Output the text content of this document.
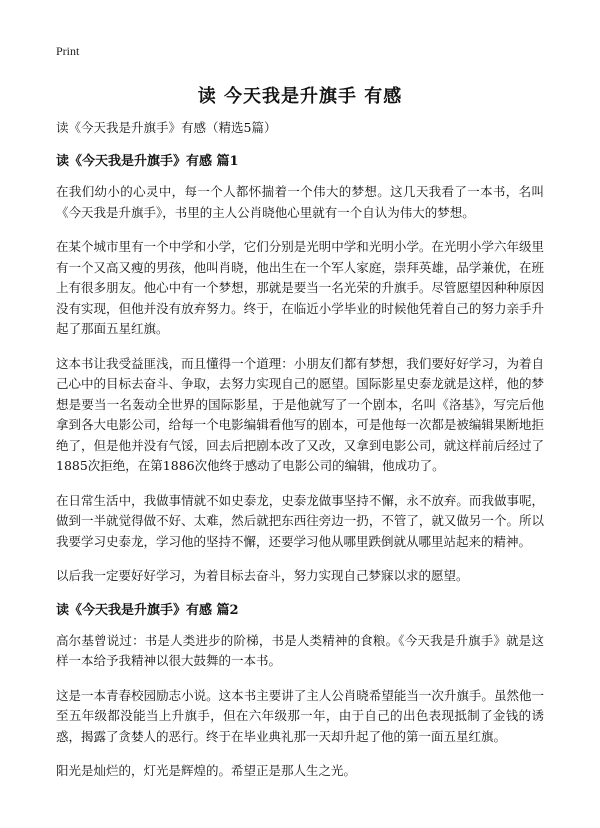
Print
读 今天我是升旗手 有感

读《今天我是升旗手》有感（精选5篇）

读《今天我是升旗手》有感 篇1

在我们幼小的心灵中，每一个人都怀揣着一个伟大的梦想。这几天我看了一本书，名叫《今天我是升旗手》，书里的主人公肖晓他心里就有一个自认为伟大的梦想。

在某个城市里有一个中学和小学，它们分别是光明中学和光明小学。在光明小学六年级里有一个又高又瘦的男孩，他叫肖晓，他出生在一个军人家庭，崇拜英雄，品学兼优，在班上有很多朋友。他心中有一个梦想，那就是要当一名光荣的升旗手。尽管愿望因种种原因没有实现，但他并没有放弃努力。终于，在临近小学毕业的时候他凭着自己的努力亲手升起了那面五星红旗。

这本书让我受益匪浅，而且懂得一个道理：小朋友们都有梦想，我们要好好学习，为着自己心中的目标去奋斗、争取，去努力实现自己的愿望。国际影星史泰龙就是这样，他的梦想是要当一名轰动全世界的国际影星，于是他就写了一个剧本，名叫《洛基》，写完后他拿到各大电影公司，给每一个电影编辑看他写的剧本，可是他每一次都是被编辑果断地拒绝了，但是他并没有气馁，回去后把剧本改了又改，又拿到电影公司，就这样前后经过了1885次拒绝，在第1886次他终于感动了电影公司的编辑，他成功了。

在日常生活中，我做事情就不如史泰龙，史泰龙做事坚持不懈，永不放弃。而我做事呢，做到一半就觉得做不好、太难，然后就把东西往旁边一扔，不管了，就又做另一个。所以我要学习史泰龙，学习他的坚持不懈，还要学习他从哪里跌倒就从哪里站起来的精神。

以后我一定要好好学习，为着目标去奋斗，努力实现自己梦寐以求的愿望。

读《今天我是升旗手》有感 篇2

高尔基曾说过：书是人类进步的阶梯，书是人类精神的食粮。《今天我是升旗手》就是这样一本给予我精神以很大鼓舞的一本书。

这是一本青春校园励志小说。这本书主要讲了主人公肖晓希望能当一次升旗手。虽然他一至五年级都没能当上升旗手，但在六年级那一年，由于自己的出色表现抵制了金钱的诱惑，揭露了贪婪人的恶行。终于在毕业典礼那一天却升起了他的第一面五星红旗。

阳光是灿烂的，灯光是辉煌的。希望正是那人生之光。
